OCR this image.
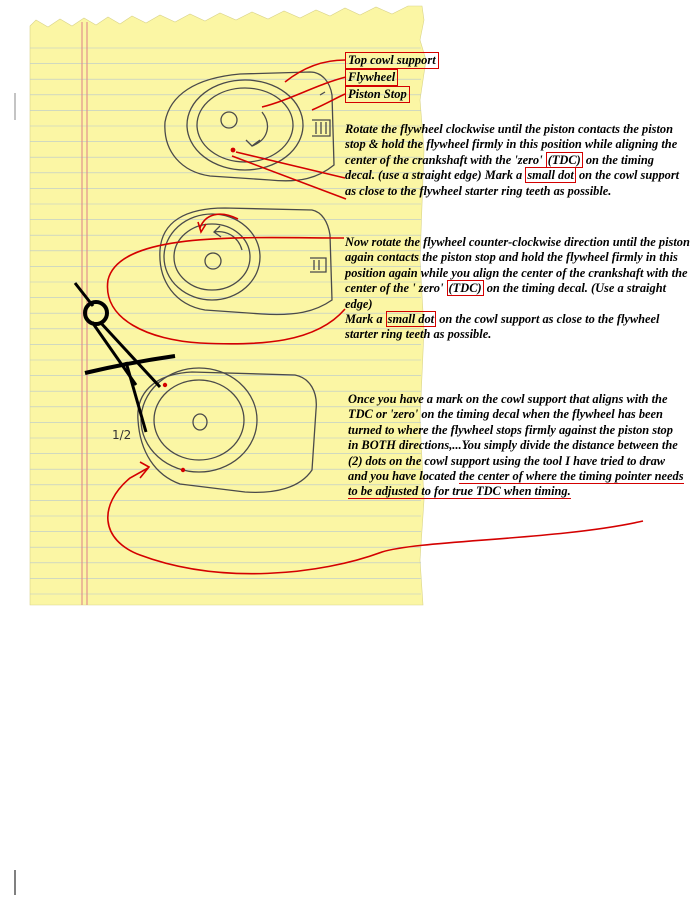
Top cowl support
Flywheel
Piston Stop

Rotate the flywheel clockwise until the piston contacts the piston stop & hold the flywheel firmly in this position while aligning the center of the crankshaft with the 'zero' (TDC) on the timing decal. (use a straight edge) Mark a small dot on the cowl support as close to the flywheel starter ring teeth as possible.

Now rotate the flywheel counter-clockwise direction until the piston again contacts the piston stop and hold the flywheel firmly in this position again while you align the center of the crankshaft with the center of the ' zero' (TDC) on the timing decal. (Use a straight edge)
Mark a small dot on the cowl support as close to the flywheel starter ring teeth as possible.

Once you have a mark on the cowl support that aligns with the TDC or 'zero' on the timing decal when the flywheel has been turned to where the flywheel stops firmly against the piston stop in BOTH directions,...You simply divide the distance between the (2) dots on the cowl support using the tool I have tried to draw and you have located the center of where the timing pointer needs to be adjusted to for true TDC when timing.

1/2
